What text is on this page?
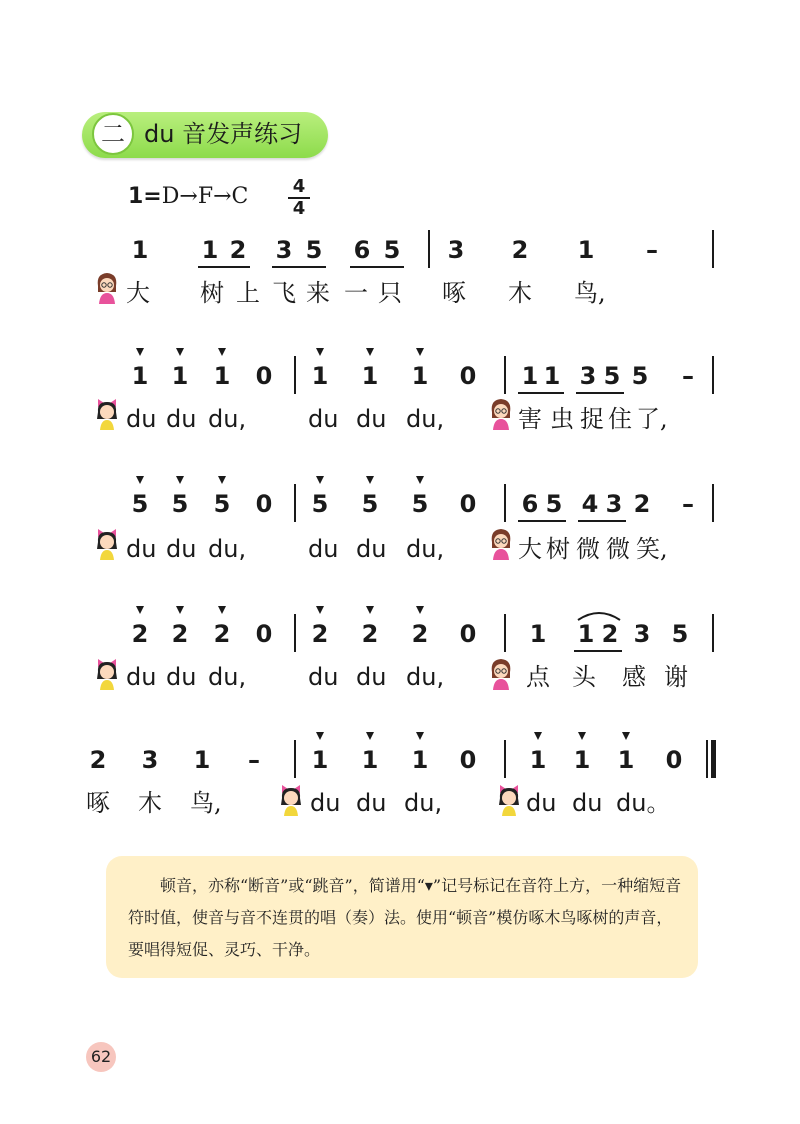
二 du 音发声练习
1=D→F→C 4
4
1 1 2 3 5 6 5 3 2 1 –
大 树 上 飞 来 一 只 啄 木 鸟,
1 1 1 0 1 1 1 0 1 1 3 5 5 –
du du du,	du du du,	害 虫 捉 住 了,
5 5 5 0 5 5 5 0 6 5 4 3 2 –
du du du,	du du du,	大 树 微 微 笑,
2 2 2 0 2 2 2 0 1 1 2 3 5
du du du,	du du du,	点 头 感 谢
2 3 1 – 1 1 1 0 1 1 1 0
啄 木 鸟,	du du du,	du du du。
顿音，亦称“断音”或“跳音”，简谱用“▾”记号标记在音符上方，一种缩短音符时值，使音与音不连贯的唱（奏）法。使用“顿音”模仿啄木鸟啄树的声音，要唱得短促、灵巧、干净。
62
